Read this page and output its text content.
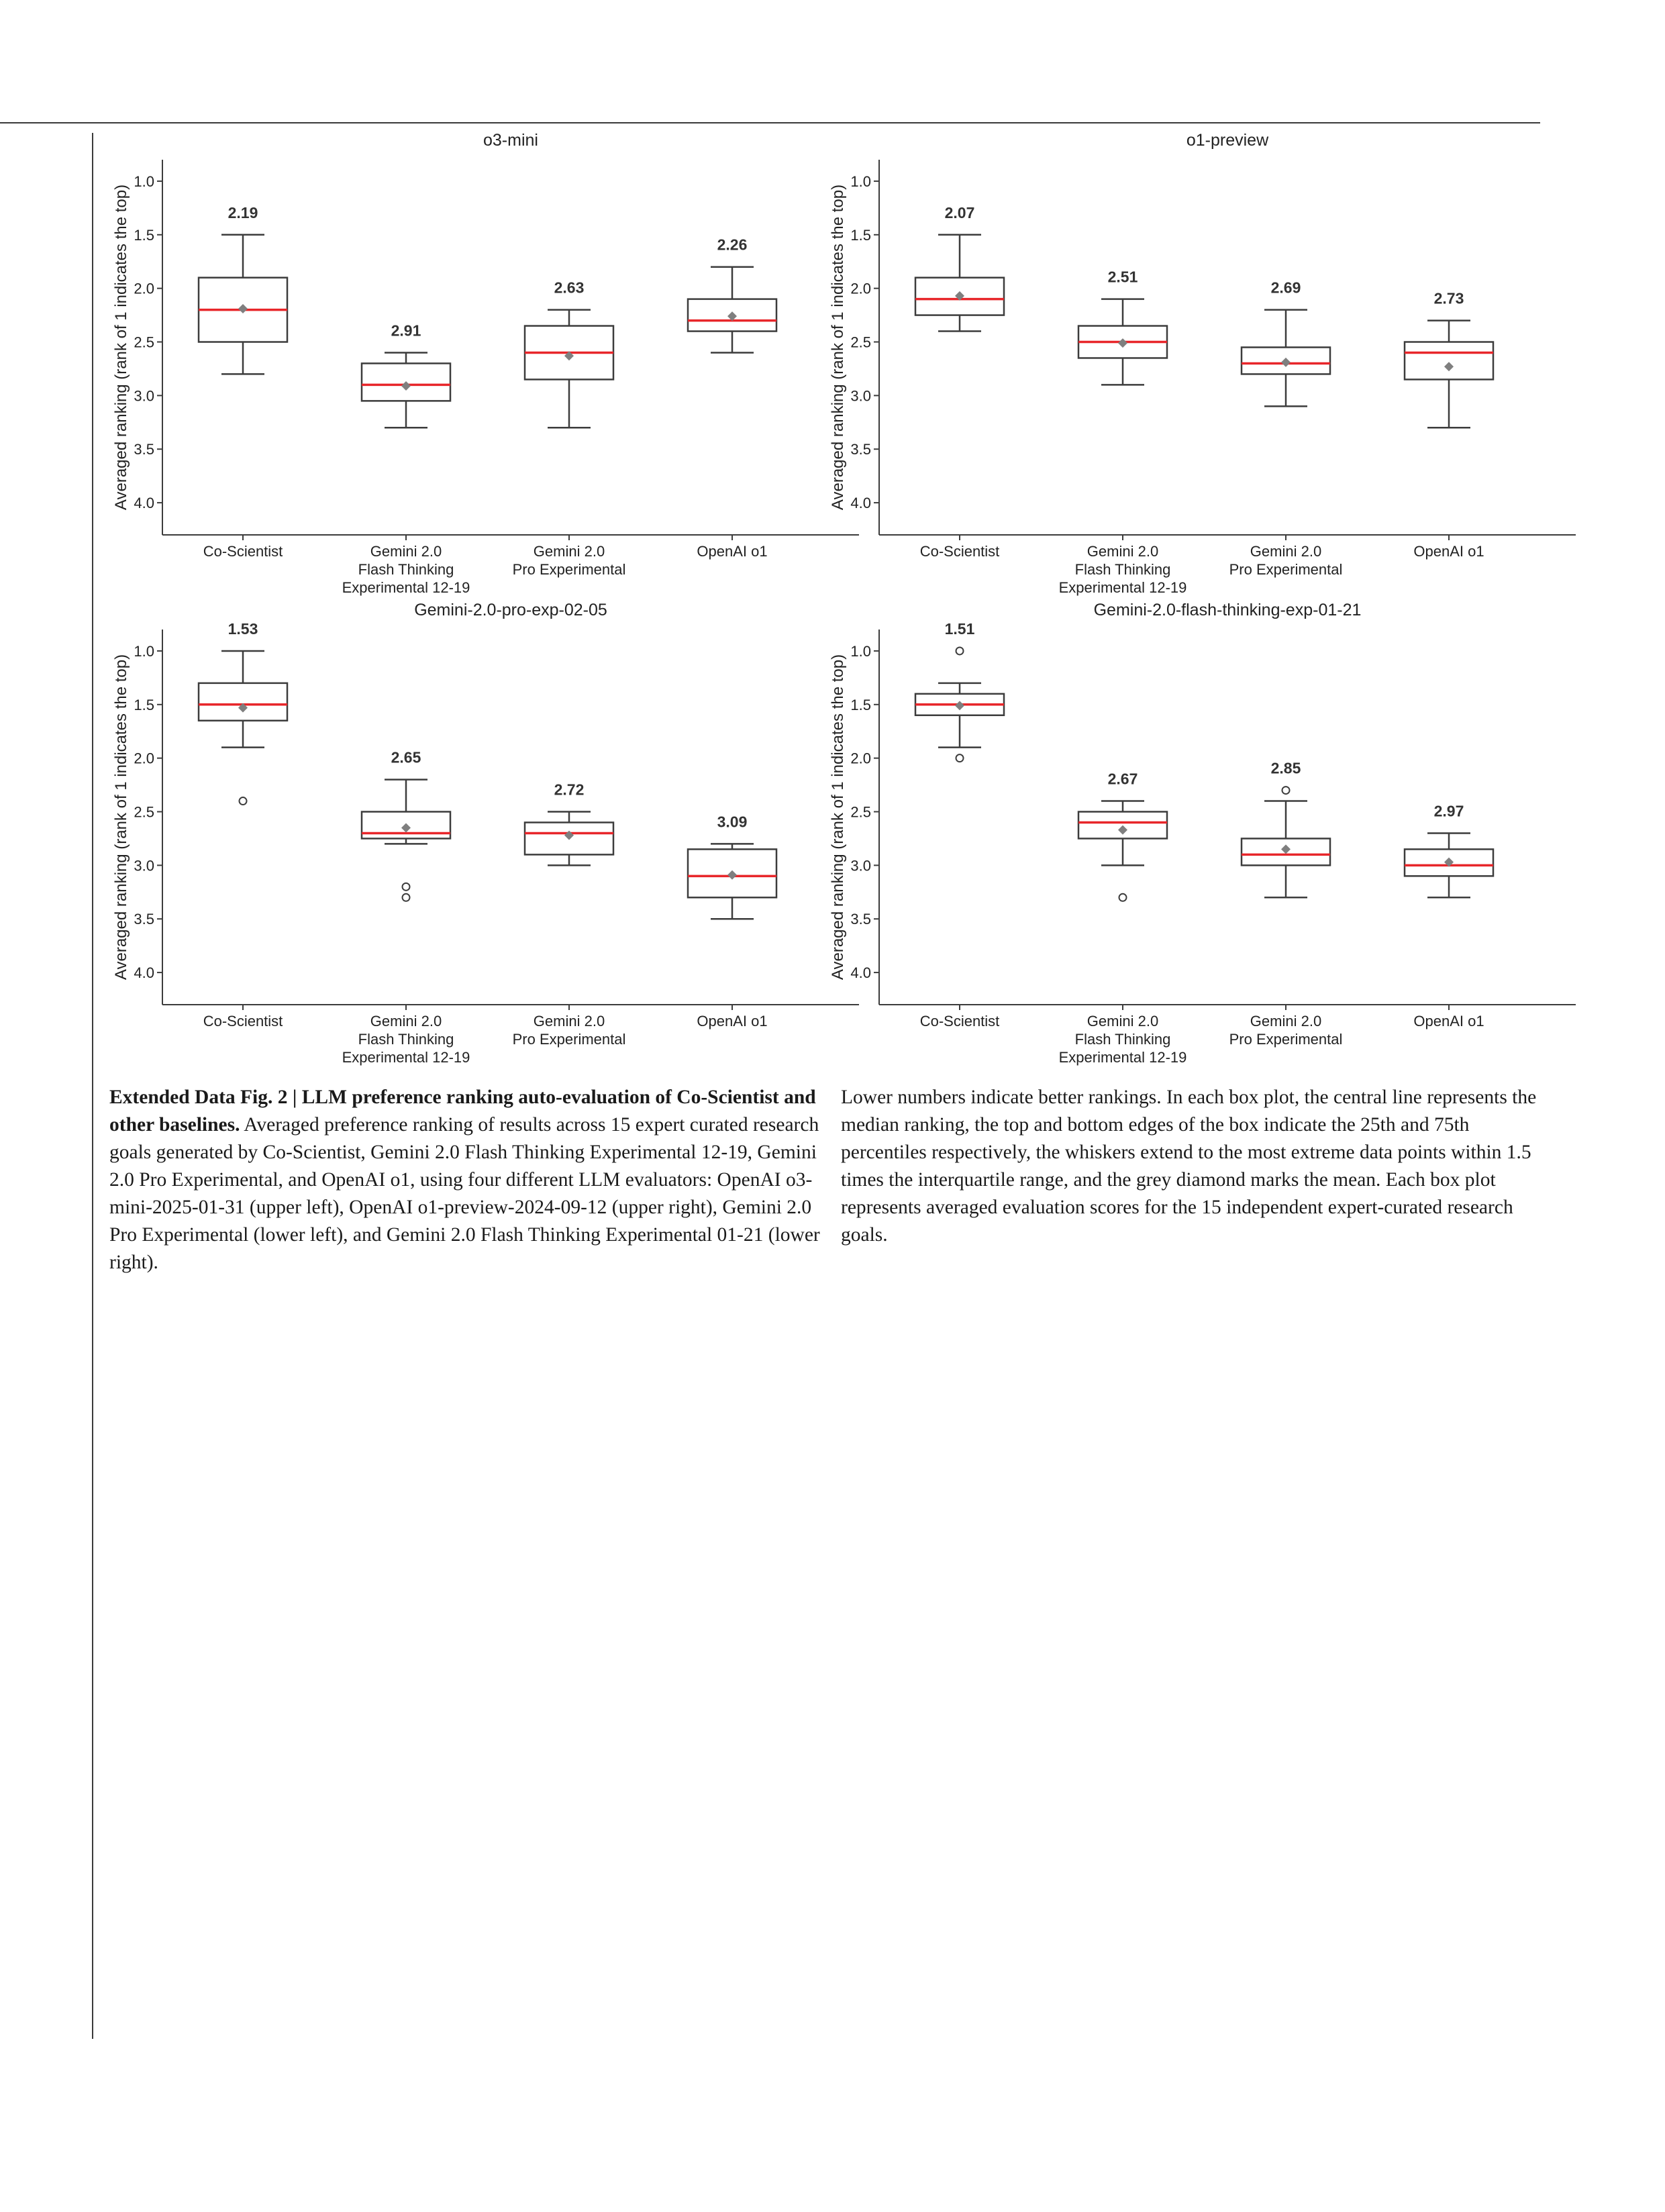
o3-mini
Averaged ranking (rank of 1 indicates the top)
1.0
1.5
2.0
2.5
3.0
3.5
4.0
Co-Scientist	Gemini 2.0
Flash Thinking
Experimental 12-19
Gemini 2.0
Pro Experimental
OpenAI o1
2.19
2.91
2.63
2.26
o1-preview
Averaged ranking (rank of 1 indicates the top)
1.0
1.5
2.0
2.5
3.0
3.5
4.0
Co-Scientist	Gemini 2.0
Flash Thinking
Experimental 12-19
Gemini 2.0
Pro Experimental
OpenAI o1
2.07
2.51
2.69
2.73
Gemini-2.0-pro-exp-02-05
Averaged ranking (rank of 1 indicates the top)
1.0
1.5
2.0
2.5
3.0
3.5
4.0
Co-Scientist	Gemini 2.0
Flash Thinking
Experimental 12-19
Gemini 2.0
Pro Experimental
OpenAI o1
1.53
2.65
2.72
3.09
Gemini-2.0-flash-thinking-exp-01-21
Averaged ranking (rank of 1 indicates the top)
1.0
1.5
2.0
2.5
3.0
3.5
4.0
Co-Scientist	Gemini 2.0
Flash Thinking
Experimental 12-19
Gemini 2.0
Pro Experimental
OpenAI o1
1.51
2.67
2.85
2.97

Extended Data Fig. 2 | LLM preference ranking auto-evaluation of Co-Scientist and other baselines. Averaged preference ranking of results across 15 expert curated research goals generated by Co-Scientist, Gemini 2.0 Flash Thinking Experimental 12-19, Gemini 2.0 Pro Experimental, and OpenAI o1, using four different LLM evaluators: OpenAI o3-mini-2025-01-31 (upper left), OpenAI o1-preview-2024-09-12 (upper right), Gemini 2.0 Pro Experimental (lower left), and Gemini 2.0 Flash Thinking Experimental 01-21 (lower right).

Lower numbers indicate better rankings. In each box plot, the central line represents the median ranking, the top and bottom edges of the box indicate the 25th and 75th percentiles respectively, the whiskers extend to the most extreme data points within 1.5 times the interquartile range, and the grey diamond marks the mean. Each box plot represents averaged evaluation scores for the 15 independent expert-curated research goals.
